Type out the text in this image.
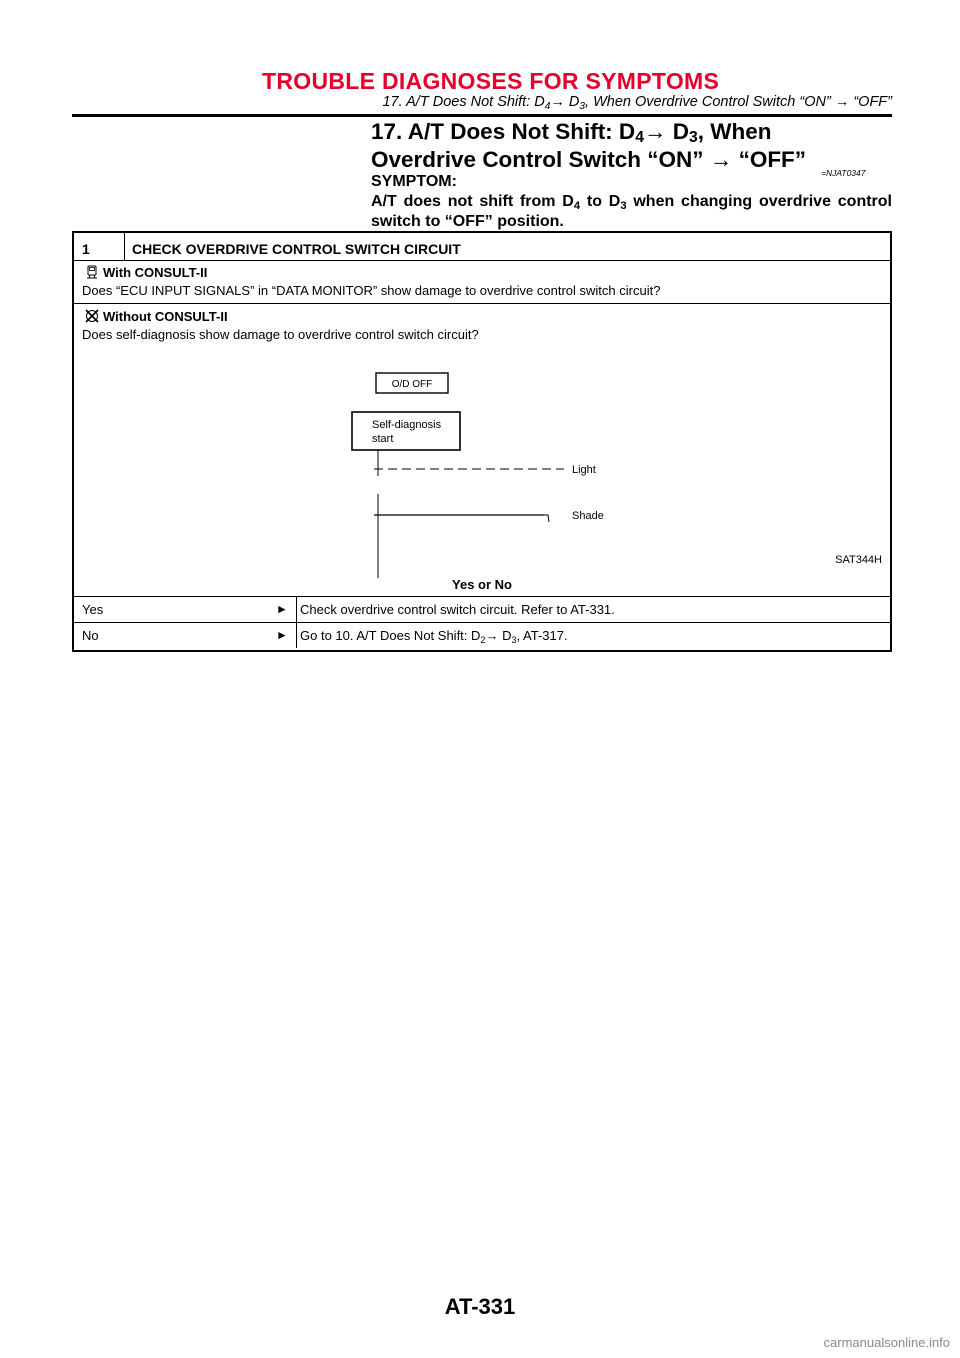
TROUBLE DIAGNOSES FOR SYMPTOMS
17. A/T Does Not Shift: $D_4\to D_3$, When Overdrive Control Switch “ON” → “OFF”
17. A/T Does Not Shift: $D_4\to D_3$, When
Overdrive Control Switch “ON” → “OFF”
=NJAT0347
SYMPTOM:
A/T does not shift from $D_4$ to $D_3$ when changing overdrive control switch to “OFF” position.
1	CHECK OVERDRIVE CONTROL SWITCH CIRCUIT
With CONSULT-II
Does “ECU INPUT SIGNALS” in “DATA MONITOR” show damage to overdrive control switch circuit?
Without CONSULT-II
Does self-diagnosis show damage to overdrive control switch circuit?
O/D OFF
Self-diagnosis
start
Light
Shade
SAT344H
Yes or No
Yes	► Check overdrive control switch circuit. Refer to AT-331.
No	► Go to 10. A/T Does Not Shift: $D_2\to D_3$, AT-317.
AT-331
carmanualsonline.info
